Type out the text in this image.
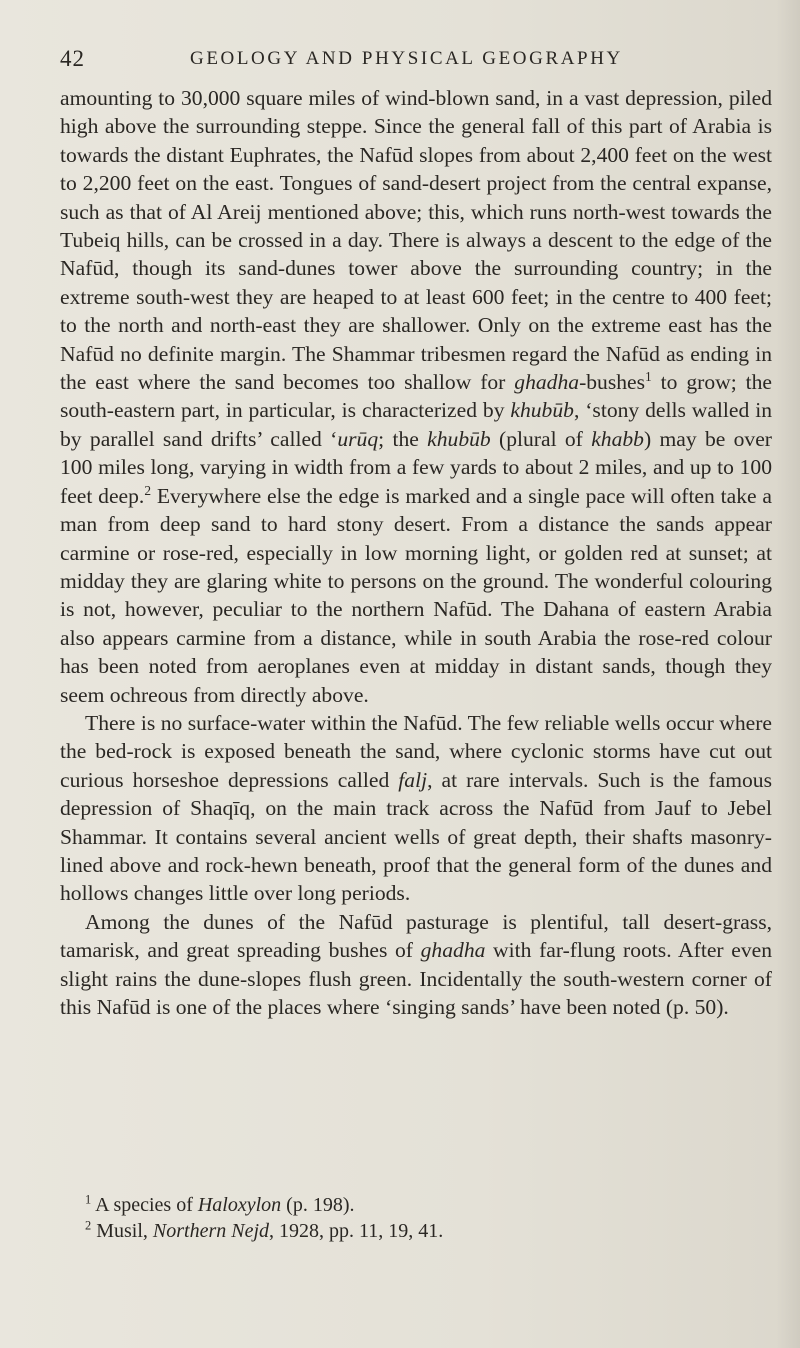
42	GEOLOGY AND PHYSICAL GEOGRAPHY

amounting to 30,000 square miles of wind-blown sand, in a vast depression, piled high above the surrounding steppe. Since the general fall of this part of Arabia is towards the distant Euphrates, the Nafūd slopes from about 2,400 feet on the west to 2,200 feet on the east. Tongues of sand-desert project from the central expanse, such as that of Al Areij mentioned above; this, which runs north-west towards the Tubeiq hills, can be crossed in a day. There is always a descent to the edge of the Nafūd, though its sand-dunes tower above the surrounding country; in the extreme south-west they are heaped to at least 600 feet; in the centre to 400 feet; to the north and north-east they are shallower. Only on the extreme east has the Nafūd no definite margin. The Shammar tribesmen regard the Nafūd as ending in the east where the sand becomes too shallow for ghadha-bushes$^1$ to grow; the south-eastern part, in particular, is characterized by khubūb, ‘stony dells walled in by parallel sand drifts’ called ‘urūq; the khubūb (plural of khabb) may be over 100 miles long, varying in width from a few yards to about 2 miles, and up to 100 feet deep.$^2$ Everywhere else the edge is marked and a single pace will often take a man from deep sand to hard stony desert. From a distance the sands appear carmine or rose-red, especially in low morning light, or golden red at sunset; at midday they are glaring white to persons on the ground. The wonderful colouring is not, however, peculiar to the northern Nafūd. The Dahana of eastern Arabia also appears carmine from a distance, while in south Arabia the rose-red colour has been noted from aeroplanes even at midday in distant sands, though they seem ochreous from directly above.

There is no surface-water within the Nafūd. The few reliable wells occur where the bed-rock is exposed beneath the sand, where cyclonic storms have cut out curious horseshoe depressions called falj, at rare intervals. Such is the famous depression of Shaqīq, on the main track across the Nafūd from Jauf to Jebel Shammar. It contains several ancient wells of great depth, their shafts masonry-lined above and rock-hewn beneath, proof that the general form of the dunes and hollows changes little over long periods.

Among the dunes of the Nafūd pasturage is plentiful, tall desert-grass, tamarisk, and great spreading bushes of ghadha with far-flung roots. After even slight rains the dune-slopes flush green. Incidentally the south-western corner of this Nafūd is one of the places where ‘singing sands’ have been noted (p. 50).

$^1$ A species of Haloxylon (p. 198).

$^2$ Musil, Northern Nejd, 1928, pp. 11, 19, 41.
